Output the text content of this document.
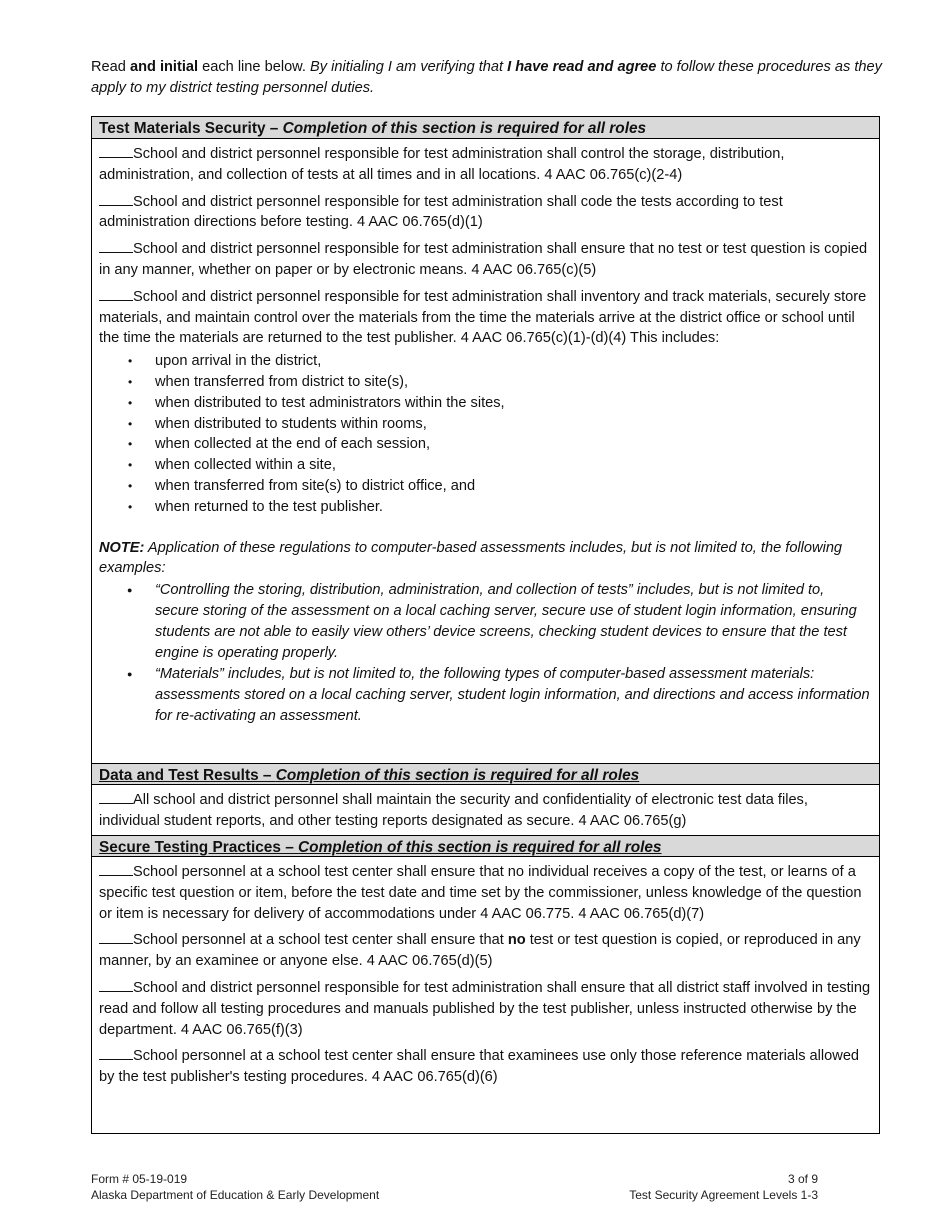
Read and initial each line below. By initialing I am verifying that I have read and agree to follow these procedures as they apply to my district testing personnel duties.
Test Materials Security – Completion of this section is required for all roles
School and district personnel responsible for test administration shall control the storage, distribution, administration, and collection of tests at all times and in all locations. 4 AAC 06.765(c)(2-4)
School and district personnel responsible for test administration shall code the tests according to test administration directions before testing. 4 AAC 06.765(d)(1)
School and district personnel responsible for test administration shall ensure that no test or test question is copied in any manner, whether on paper or by electronic means. 4 AAC 06.765(c)(5)
School and district personnel responsible for test administration shall inventory and track materials, securely store materials, and maintain control over the materials from the time the materials arrive at the district office or school until the time the materials are returned to the test publisher. 4 AAC 06.765(c)(1)-(d)(4) This includes:
• upon arrival in the district,
• when transferred from district to site(s),
• when distributed to test administrators within the sites,
• when distributed to students within rooms,
• when collected at the end of each session,
• when collected within a site,
• when transferred from site(s) to district office, and
• when returned to the test publisher.
NOTE: Application of these regulations to computer-based assessments includes, but is not limited to, the following examples:
● “Controlling the storing, distribution, administration, and collection of tests” includes, but is not limited to, secure storing of the assessment on a local caching server, secure use of student login information, ensuring students are not able to easily view others’ device screens, checking student devices to ensure that the test engine is operating properly.
● “Materials” includes, but is not limited to, the following types of computer-based assessment materials: assessments stored on a local caching server, student login information, and directions and access information for re-activating an assessment.
Data and Test Results – Completion of this section is required for all roles
All school and district personnel shall maintain the security and confidentiality of electronic test data files, individual student reports, and other testing reports designated as secure. 4 AAC 06.765(g)
Secure Testing Practices – Completion of this section is required for all roles
School personnel at a school test center shall ensure that no individual receives a copy of the test, or learns of a specific test question or item, before the test date and time set by the commissioner, unless knowledge of the question or item is necessary for delivery of accommodations under 4 AAC 06.775. 4 AAC 06.765(d)(7)
School personnel at a school test center shall ensure that no test or test question is copied, or reproduced in any manner, by an examinee or anyone else. 4 AAC 06.765(d)(5)
School and district personnel responsible for test administration shall ensure that all district staff involved in testing read and follow all testing procedures and manuals published by the test publisher, unless instructed otherwise by the department. 4 AAC 06.765(f)(3)
School personnel at a school test center shall ensure that examinees use only those reference materials allowed by the test publisher's testing procedures. 4 AAC 06.765(d)(6)
Form # 05-19-019
Alaska Department of Education & Early Development
3 of 9
Test Security Agreement Levels 1-3
